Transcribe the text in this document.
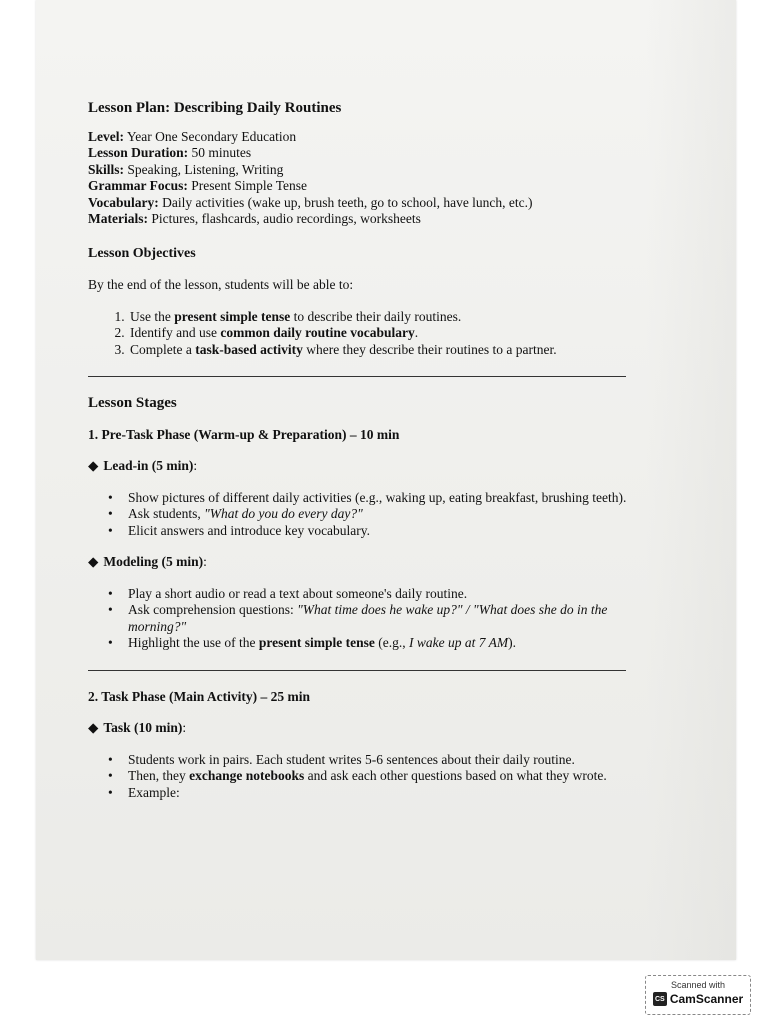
Lesson Plan: Describing Daily Routines
Level: Year One Secondary Education
Lesson Duration: 50 minutes
Skills: Speaking, Listening, Writing
Grammar Focus: Present Simple Tense
Vocabulary: Daily activities (wake up, brush teeth, go to school, have lunch, etc.)
Materials: Pictures, flashcards, audio recordings, worksheets
Lesson Objectives
By the end of the lesson, students will be able to:
1. Use the present simple tense to describe their daily routines.
2. Identify and use common daily routine vocabulary.
3. Complete a task-based activity where they describe their routines to a partner.
Lesson Stages
1. Pre-Task Phase (Warm-up & Preparation) – 10 min
◆ Lead-in (5 min):
• Show pictures of different daily activities (e.g., waking up, eating breakfast, brushing teeth).
• Ask students, "What do you do every day?"
• Elicit answers and introduce key vocabulary.
◆ Modeling (5 min):
• Play a short audio or read a text about someone's daily routine.
• Ask comprehension questions: "What time does he wake up?" / "What does she do in the morning?"
• Highlight the use of the present simple tense (e.g., I wake up at 7 AM).
2. Task Phase (Main Activity) – 25 min
◆ Task (10 min):
• Students work in pairs. Each student writes 5-6 sentences about their daily routine.
• Then, they exchange notebooks and ask each other questions based on what they wrote.
• Example:
Scanned with
CS CamScanner
